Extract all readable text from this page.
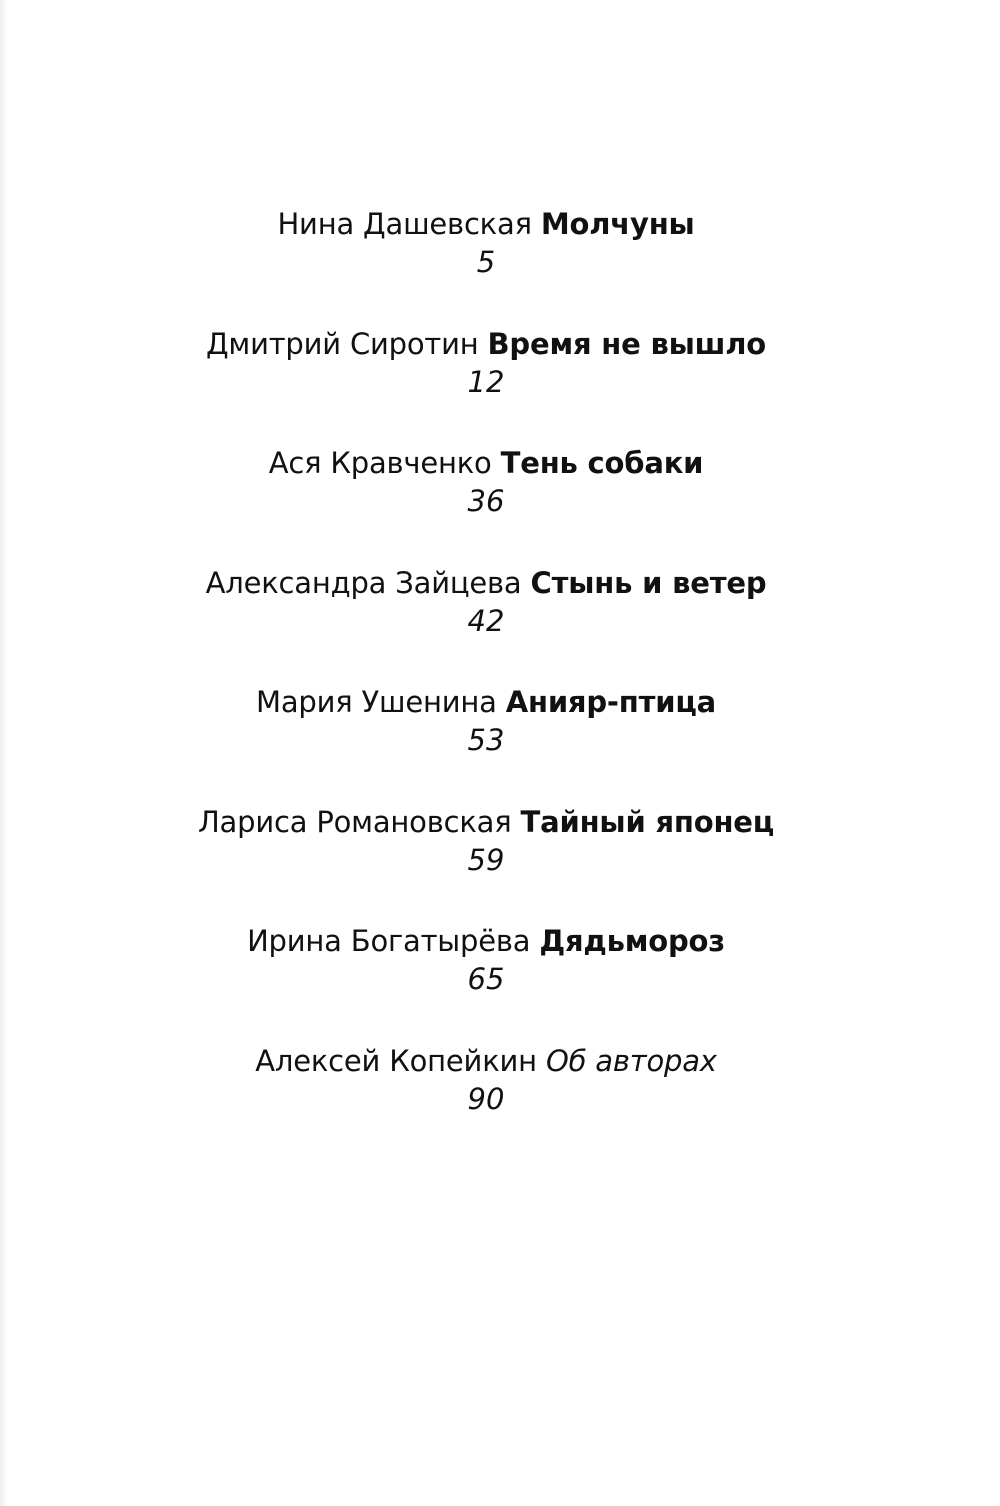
Нина Дашевская Молчуны
5
Дмитрий Сиротин Время не вышло
12
Ася Кравченко Тень собаки
36
Александра Зайцева Стынь и ветер
42
Мария Ушенина Анияр-птица
53
Лариса Романовская Тайный японец
59
Ирина Богатырёва Дядьмороз
65
Алексей Копейкин Об авторах
90
